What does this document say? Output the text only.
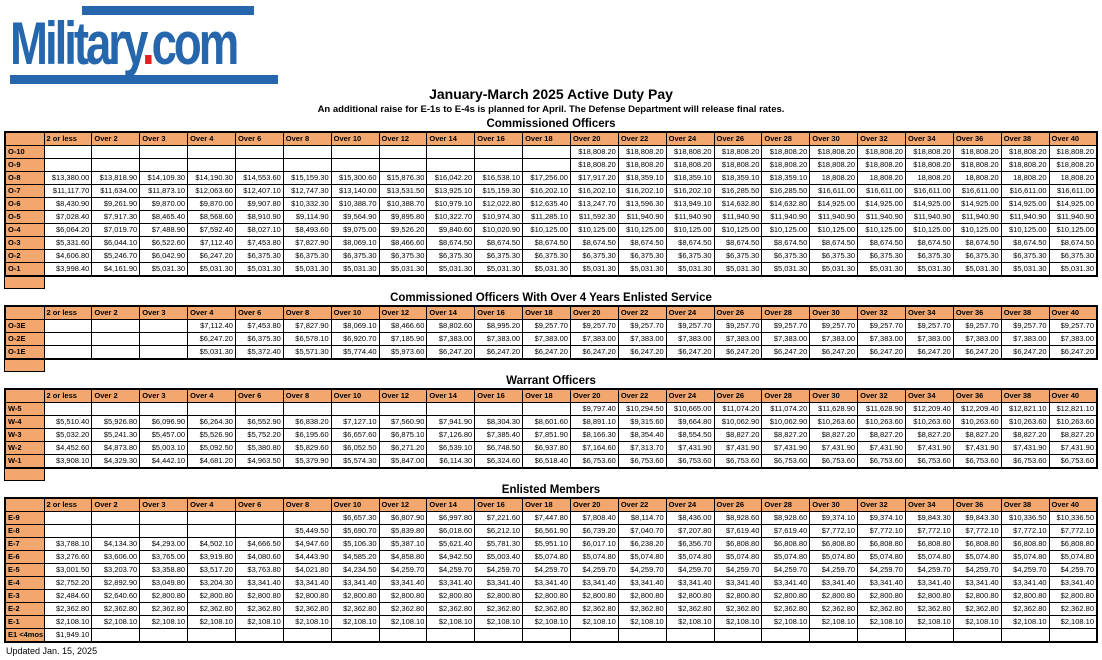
Military.com
January-March 2025 Active Duty Pay
An additional raise for E-1s to E-4s is planned for April. The Defense Department will release final rates.
Commissioned Officers
	2 or less	Over 2	Over 3	Over 4	Over 6	Over 8	Over 10	Over 12	Over 14	Over 16	Over 18	Over 20	Over 22	Over 24	Over 26	Over 28	Over 30	Over 32	Over 34	Over 36	Over 38	Over 40
O-10												$18,808.20	$18,808.20	$18,808.20	$18,808.20	$18,808.20	$18,808.20	$18,808.20	$18,808.20	$18,808.20	$18,808.20	$18,808.20
O-9												$18,808.20	$18,808.20	$18,808.20	$18,808.20	$18,808.20	$18,808.20	$18,808.20	$18,808.20	$18,808.20	$18,808.20	$18,808.20
O-8	$13,380.00	$13,818.90	$14,109.30	$14,190.30	$14,553.60	$15,159.30	$15,300.60	$15,876.30	$16,042.20	$16,538.10	$17,256.00	$17,917.20	$18,359.10	$18,359.10	$18,359.10	$18,359.10	18,808.20	18,808.20	18,808.20	18,808.20	18,808.20	18,808.20
O-7	$11,117.70	$11,634.00	$11,873.10	$12,063.60	$12,407.10	$12,747.30	$13,140.00	$13,531.50	$13,925.10	$15,159.30	$16,202.10	$16,202.10	$16,202.10	$16,202.10	$16,285.50	$16,285.50	$16,611.00	$16,611.00	$16,611.00	$16,611.00	$16,611.00	$16,611.00
O-6	$8,430.90	$9,261.90	$9,870.00	$9,870.00	$9,907.80	$10,332.30	$10,388.70	$10,388.70	$10,979.10	$12,022.80	$12,635.40	$13,247.70	$13,596.30	$13,949.10	$14,632.80	$14,632.80	$14,925.00	$14,925.00	$14,925.00	$14,925.00	$14,925.00	$14,925.00
O-5	$7,028.40	$7,917.30	$8,465.40	$8,568.60	$8,910.90	$9,114.90	$9,564.90	$9,895.80	$10,322.70	$10,974.30	$11,285.10	$11,592.30	$11,940.90	$11,940.90	$11,940.90	$11,940.90	$11,940.90	$11,940.90	$11,940.90	$11,940.90	$11,940.90	$11,940.90
O-4	$6,064.20	$7,019.70	$7,488.90	$7,592.40	$8,027.10	$8,493.60	$9,075.00	$9,526.20	$9,840.60	$10,020.90	$10,125.00	$10,125.00	$10,125.00	$10,125.00	$10,125.00	$10,125.00	$10,125.00	$10,125.00	$10,125.00	$10,125.00	$10,125.00	$10,125.00
O-3	$5,331.60	$6,044.10	$6,522.60	$7,112.40	$7,453.80	$7,827.90	$8,069.10	$8,466.60	$8,674.50	$8,674.50	$8,674.50	$8,674.50	$8,674.50	$8,674.50	$8,674.50	$8,674.50	$8,674.50	$8,674.50	$8,674.50	$8,674.50	$8,674.50	$8,674.50
O-2	$4,606.80	$5,246.70	$6,042.90	$6,247.20	$6,375.30	$6,375.30	$6,375.30	$6,375.30	$6,375.30	$6,375.30	$6,375.30	$6,375.30	$6,375.30	$6,375.30	$6,375.30	$6,375.30	$6,375.30	$6,375.30	$6,375.30	$6,375.30	$6,375.30	$6,375.30
O-1	$3,998.40	$4,161.90	$5,031.30	$5,031.30	$5,031.30	$5,031.30	$5,031.30	$5,031.30	$5,031.30	$5,031.30	$5,031.30	$5,031.30	$5,031.30	$5,031.30	$5,031.30	$5,031.30	$5,031.30	$5,031.30	$5,031.30	$5,031.30	$5,031.30	$5,031.30
Commissioned Officers With Over 4 Years Enlisted Service
	2 or less	Over 2	Over 3	Over 4	Over 6	Over 8	Over 10	Over 12	Over 14	Over 16	Over 18	Over 20	Over 22	Over 24	Over 26	Over 28	Over 30	Over 32	Over 34	Over 36	Over 38	Over 40
O-3E				$7,112.40	$7,453.80	$7,827.90	$8,069.10	$8,466.60	$8,802.60	$8,995.20	$9,257.70	$9,257.70	$9,257.70	$9,257.70	$9,257.70	$9,257.70	$9,257.70	$9,257.70	$9,257.70	$9,257.70	$9,257.70	$9,257.70
O-2E				$6,247.20	$6,375.30	$6,578.10	$6,920.70	$7,185.90	$7,383.00	$7,383.00	$7,383.00	$7,383.00	$7,383.00	$7,383.00	$7,383.00	$7,383.00	$7,383.00	$7,383.00	$7,383.00	$7,383.00	$7,383.00	$7,383.00
O-1E				$5,031.30	$5,372.40	$5,571.30	$5,774.40	$5,973.60	$6,247.20	$6,247.20	$6,247.20	$6,247.20	$6,247.20	$6,247.20	$6,247.20	$6,247.20	$6,247.20	$6,247.20	$6,247.20	$6,247.20	$6,247.20	$6,247.20
Warrant Officers
	2 or less	Over 2	Over 3	Over 4	Over 6	Over 8	Over 10	Over 12	Over 14	Over 16	Over 18	Over 20	Over 22	Over 24	Over 26	Over 28	Over 30	Over 32	Over 34	Over 36	Over 38	Over 40
W-5												$9,797.40	$10,294.50	$10,665.00	$11,074.20	$11,074.20	$11,628.90	$11,628.90	$12,209.40	$12,209.40	$12,821.10	$12,821.10
W-4	$5,510.40	$5,926.80	$6,096.90	$6,264.30	$6,552.90	$6,838.20	$7,127.10	$7,560.90	$7,941.90	$8,304.30	$8,601.60	$8,891.10	$9,315.60	$9,664.80	$10,062.90	$10,062.90	$10,263.60	$10,263.60	$10,263.60	$10,263.60	$10,263.60	$10,263.60
W-3	$5,032.20	$5,241.30	$5,457.00	$5,526.90	$5,752.20	$6,195.60	$6,657.60	$6,875.10	$7,126.80	$7,385.40	$7,851.90	$8,166.30	$8,354.40	$8,554.50	$8,827.20	$8,827.20	$8,827.20	$8,827.20	$8,827.20	$8,827.20	$8,827.20	$8,827.20
W-2	$4,452.60	$4,873.80	$5,003.10	$5,092.50	$5,380.80	$5,829.60	$6,052.50	$6,271.20	$6,539.10	$6,748.50	$6,937.80	$7,164.60	$7,313.70	$7,431.90	$7,431.90	$7,431.90	$7,431.90	$7,431.90	$7,431.90	$7,431.90	$7,431.90	$7,431.90
W-1	$3,908.10	$4,329.30	$4,442.10	$4,681.20	$4,963.50	$5,379.90	$5,574.30	$5,847.00	$6,114.30	$6,324.60	$6,518.40	$6,753.60	$6,753.60	$6,753.60	$6,753.60	$6,753.60	$6,753.60	$6,753.60	$6,753.60	$6,753.60	$6,753.60	$6,753.60
Enlisted Members
	2 or less	Over 2	Over 3	Over 4	Over 6	Over 8	Over 10	Over 12	Over 14	Over 16	Over 18	Over 20	Over 22	Over 24	Over 26	Over 28	Over 30	Over 32	Over 34	Over 36	Over 38	Over 40
E-9							$6,657.30	$6,807.90	$6,997.80	$7,221.60	$7,447.80	$7,808.40	$8,114.70	$8,436.00	$8,928.60	$8,928.60	$9,374.10	$9,374.10	$9,843.30	$9,843.30	$10,336.50	$10,336.50
E-8						$5,449.50	$5,690.70	$5,839.80	$6,018.60	$6,212.10	$6,561.90	$6,739.20	$7,040.70	$7,207.80	$7,619.40	$7,619.40	$7,772.10	$7,772.10	$7,772.10	$7,772.10	$7,772.10	$7,772.10
E-7	$3,788.10	$4,134.30	$4,293.00	$4,502.10	$4,666.50	$4,947.60	$5,106.30	$5,387.10	$5,621.40	$5,781.30	$5,951.10	$6,017.10	$6,238.20	$6,356.70	$6,808.80	$6,808.80	$6,808.80	$6,808.80	$6,808.80	$6,808.80	$6,808.80	$6,808.80
E-6	$3,276.60	$3,606.00	$3,765.00	$3,919.80	$4,080.60	$4,443.90	$4,585.20	$4,858.80	$4,942.50	$5,003.40	$5,074.80	$5,074.80	$5,074.80	$5,074.80	$5,074.80	$5,074.80	$5,074.80	$5,074.80	$5,074.80	$5,074.80	$5,074.80	$5,074.80
E-5	$3,001.50	$3,203.70	$3,358.80	$3,517.20	$3,763.80	$4,021.80	$4,234.50	$4,259.70	$4,259.70	$4,259.70	$4,259.70	$4,259.70	$4,259.70	$4,259.70	$4,259.70	$4,259.70	$4,259.70	$4,259.70	$4,259.70	$4,259.70	$4,259.70	$4,259.70
E-4	$2,752.20	$2,892.90	$3,049.80	$3,204.30	$3,341.40	$3,341.40	$3,341.40	$3,341.40	$3,341.40	$3,341.40	$3,341.40	$3,341.40	$3,341.40	$3,341.40	$3,341.40	$3,341.40	$3,341.40	$3,341.40	$3,341.40	$3,341.40	$3,341.40	$3,341.40
E-3	$2,484.60	$2,640.60	$2,800.80	$2,800.80	$2,800.80	$2,800.80	$2,800.80	$2,800.80	$2,800.80	$2,800.80	$2,800.80	$2,800.80	$2,800.80	$2,800.80	$2,800.80	$2,800.80	$2,800.80	$2,800.80	$2,800.80	$2,800.80	$2,800.80	$2,800.80
E-2	$2,362.80	$2,362.80	$2,362.80	$2,362.80	$2,362.80	$2,362.80	$2,362.80	$2,362.80	$2,362.80	$2,362.80	$2,362.80	$2,362.80	$2,362.80	$2,362.80	$2,362.80	$2,362.80	$2,362.80	$2,362.80	$2,362.80	$2,362.80	$2,362.80	$2,362.80
E-1	$2,108.10	$2,108.10	$2,108.10	$2,108.10	$2,108.10	$2,108.10	$2,108.10	$2,108.10	$2,108.10	$2,108.10	$2,108.10	$2,108.10	$2,108.10	$2,108.10	$2,108.10	$2,108.10	$2,108.10	$2,108.10	$2,108.10	$2,108.10	$2,108.10	$2,108.10
E1 <4mos	$1,949.10																					
Updated Jan. 15, 2025
